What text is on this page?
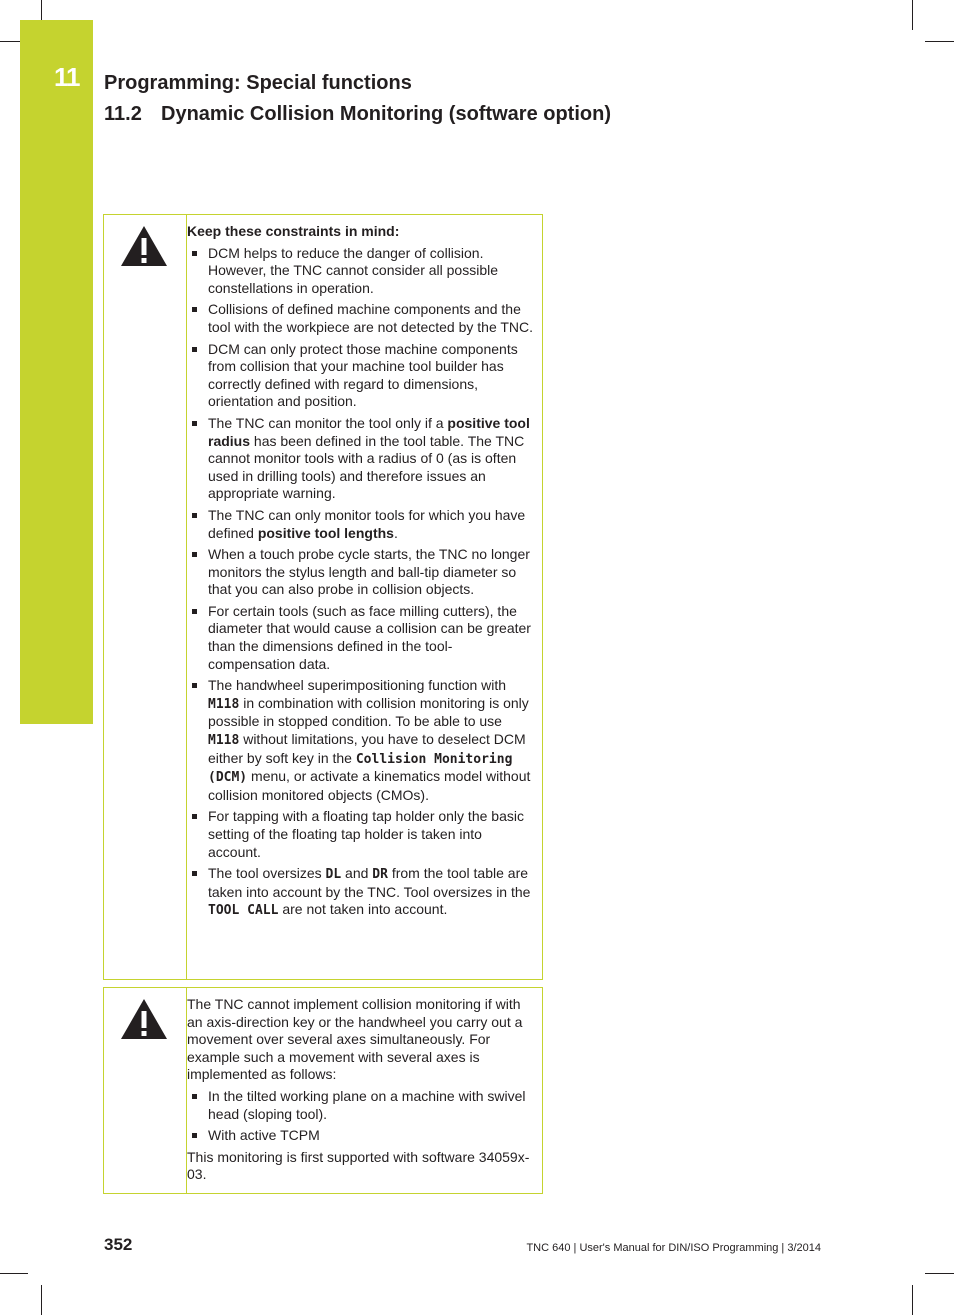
11 Programming: Special functions
11.2 Dynamic Collision Monitoring (software option)

Keep these constraints in mind:

DCM helps to reduce the danger of collision. However, the TNC cannot consider all possible constellations in operation.
Collisions of defined machine components and the tool with the workpiece are not detected by the TNC.
DCM can only protect those machine components from collision that your machine tool builder has correctly defined with regard to dimensions, orientation and position.
The TNC can monitor the tool only if a positive tool radius has been defined in the tool table. The TNC cannot monitor tools with a radius of 0 (as is often used in drilling tools) and therefore issues an appropriate warning.
The TNC can only monitor tools for which you have defined positive tool lengths.
When a touch probe cycle starts, the TNC no longer monitors the stylus length and ball-tip diameter so that you can also probe in collision objects.
For certain tools (such as face milling cutters), the diameter that would cause a collision can be greater than the dimensions defined in the tool-compensation data.
The handwheel superimpositioning function with M118 in combination with collision monitoring is only possible in stopped condition. To be able to use M118 without limitations, you have to deselect DCM either by soft key in the Collision Monitoring (DCM) menu, or activate a kinematics model without collision monitored objects (CMOs).
For tapping with a floating tap holder only the basic setting of the floating tap holder is taken into account.
The tool oversizes DL and DR from the tool table are taken into account by the TNC. Tool oversizes in the TOOL CALL are not taken into account.

The TNC cannot implement collision monitoring if with an axis-direction key or the handwheel you carry out a movement over several axes simultaneously. For example such a movement with several axes is implemented as follows:

In the tilted working plane on a machine with swivel head (sloping tool).
With active TCPM

This monitoring is first supported with software 34059x-03.

352	TNC 640 | User's Manual for DIN/ISO Programming | 3/2014
